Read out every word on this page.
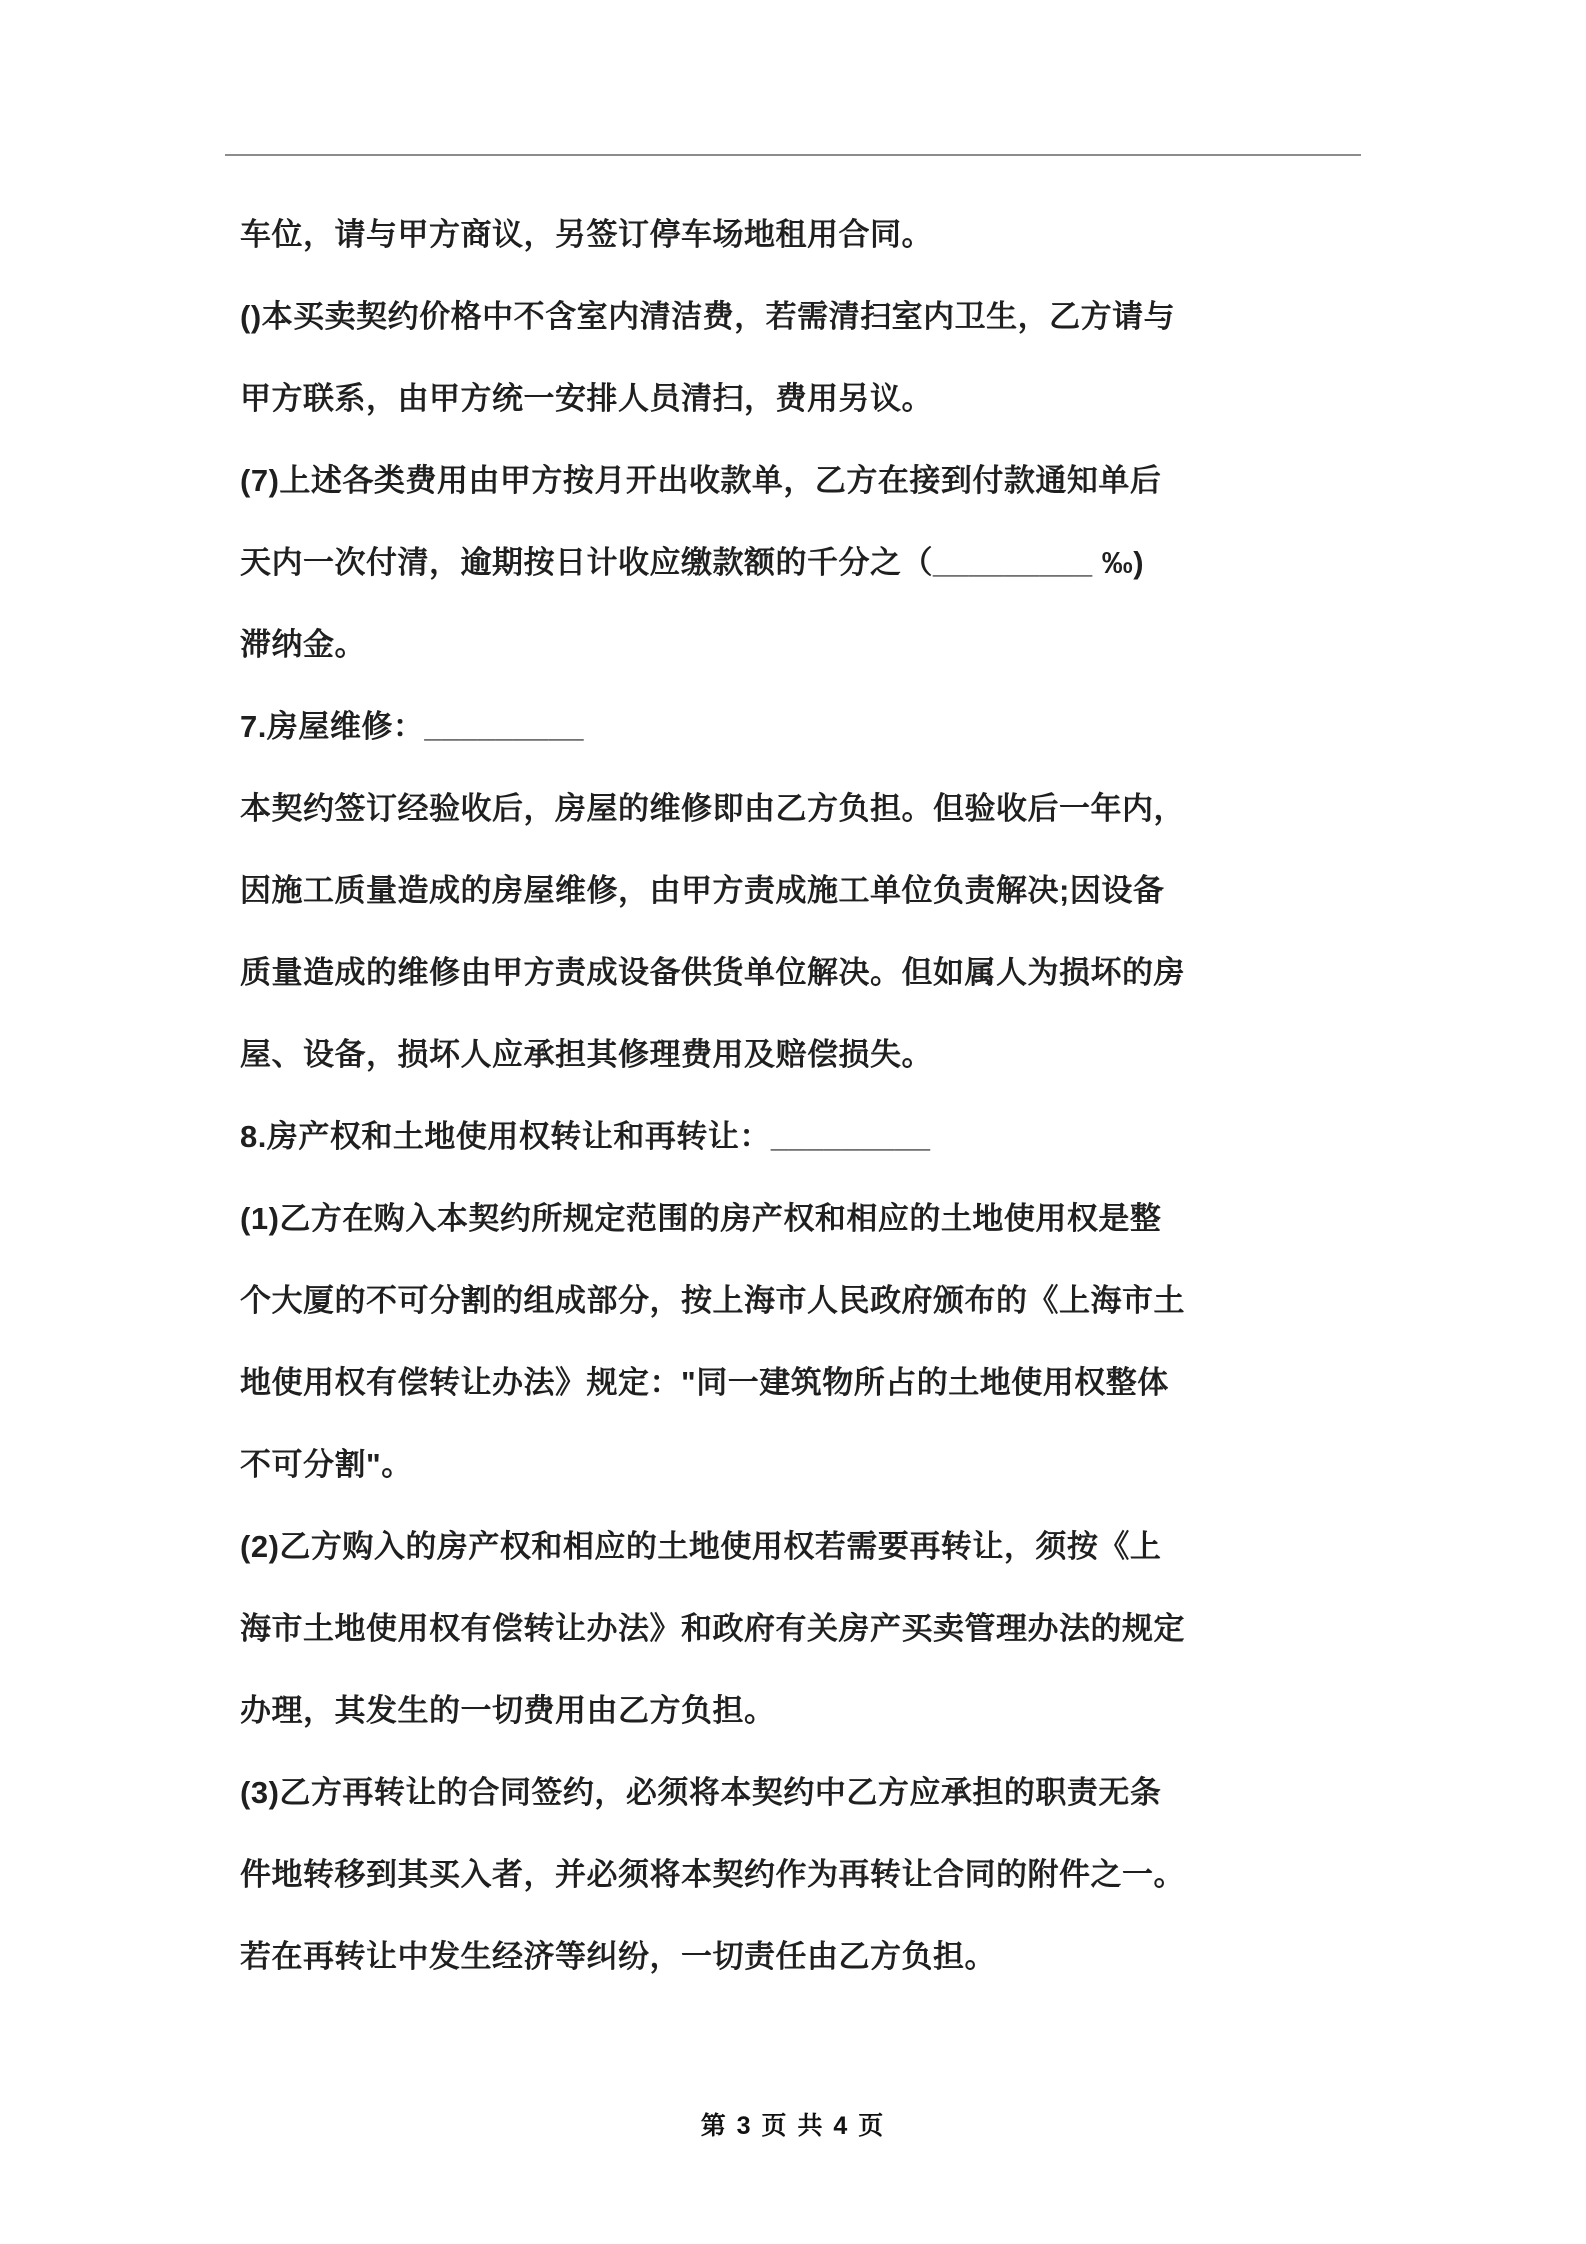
车位，请与甲方商议，另签订停车场地租用合同。

()本买卖契约价格中不含室内清洁费，若需清扫室内卫生，乙方请与

甲方联系，由甲方统一安排人员清扫，费用另议。

(7)上述各类费用由甲方按月开出收款单，乙方在接到付款通知单后

天内一次付清，逾期按日计收应缴款额的千分之（_________ ‰)

滞纳金。

7.房屋维修：_________

本契约签订经验收后，房屋的维修即由乙方负担。但验收后一年内，

因施工质量造成的房屋维修，由甲方责成施工单位负责解决;因设备

质量造成的维修由甲方责成设备供货单位解决。但如属人为损坏的房

屋、设备，损坏人应承担其修理费用及赔偿损失。

8.房产权和土地使用权转让和再转让：_________

(1)乙方在购入本契约所规定范围的房产权和相应的土地使用权是整

个大厦的不可分割的组成部分，按上海市人民政府颁布的《上海市土

地使用权有偿转让办法》规定："同一建筑物所占的土地使用权整体

不可分割"。

(2)乙方购入的房产权和相应的土地使用权若需要再转让，须按《上

海市土地使用权有偿转让办法》和政府有关房产买卖管理办法的规定

办理，其发生的一切费用由乙方负担。

(3)乙方再转让的合同签约，必须将本契约中乙方应承担的职责无条

件地转移到其买入者，并必须将本契约作为再转让合同的附件之一。

若在再转让中发生经济等纠纷，一切责任由乙方负担。

第 3 页 共 4 页
